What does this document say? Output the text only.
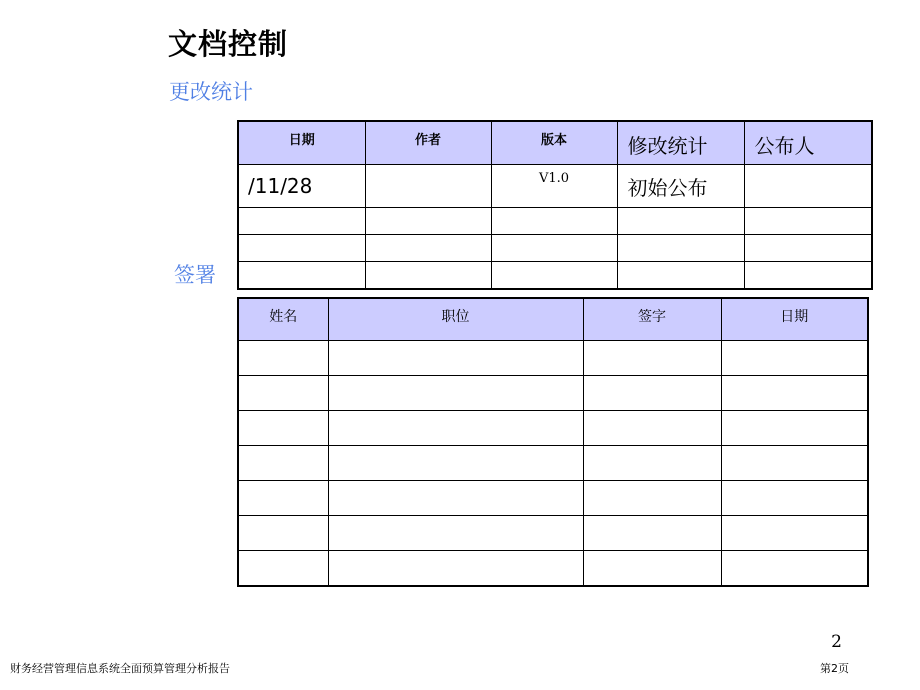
文档控制
更改统计
日期	作者	版本	修改统计	公布人
/11/28		V1.0	初始公布	

签署
姓名	职位	签字	日期

2
财务经营管理信息系统全面预算管理分析报告	第2页
